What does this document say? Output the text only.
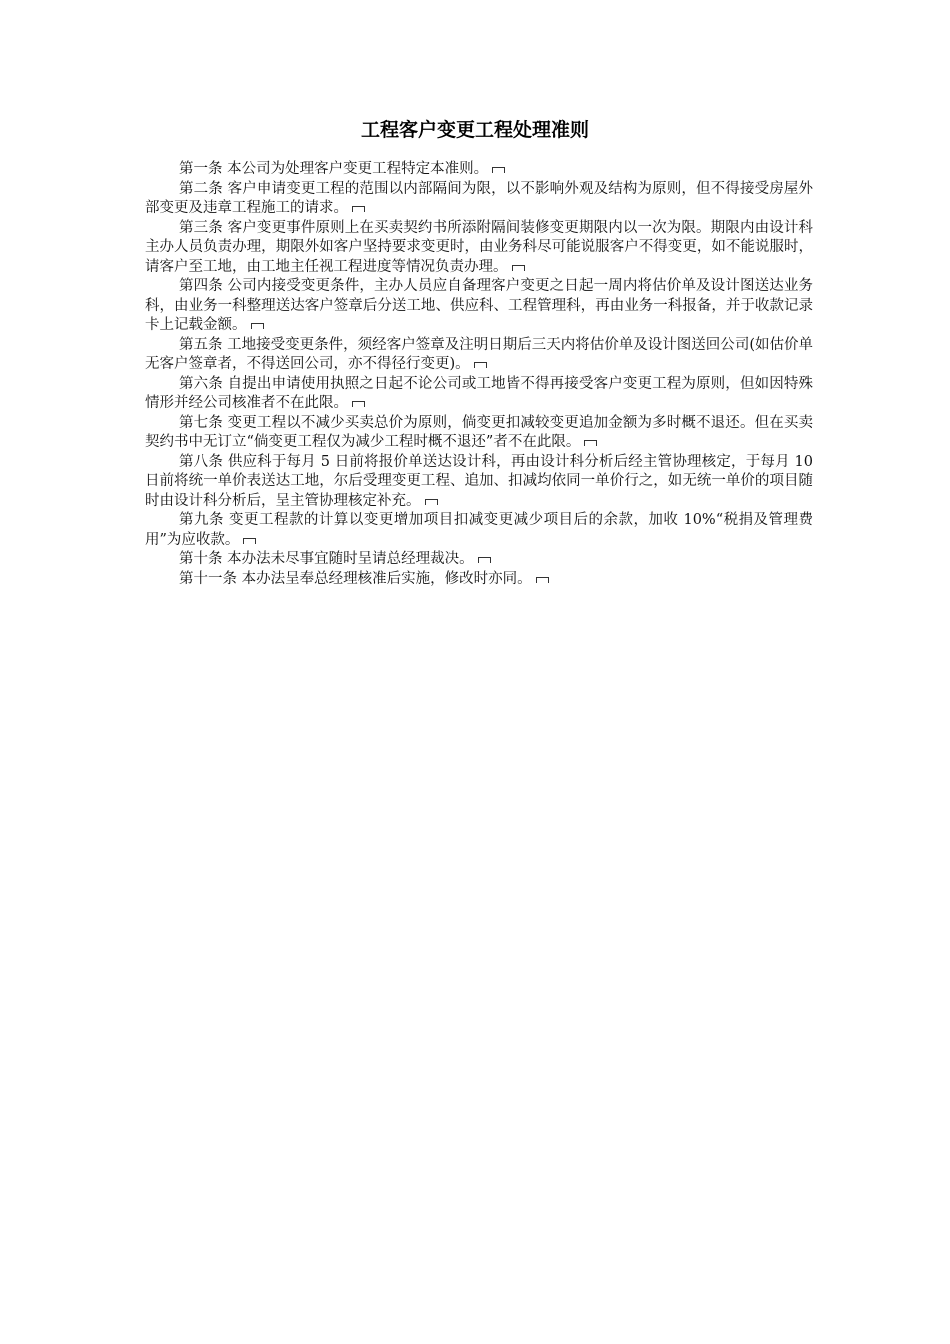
工程客户变更工程处理准则

第一条 本公司为处理客户变更工程特定本准则。

第二条 客户申请变更工程的范围以内部隔间为限，以不影响外观及结构为原则，但不得接受房屋外部变更及违章工程施工的请求。

第三条 客户变更事件原则上在买卖契约书所添附隔间装修变更期限内以一次为限。期限内由设计科主办人员负责办理，期限外如客户坚持要求变更时，由业务科尽可能说服客户不得变更，如不能说服时，请客户至工地，由工地主任视工程进度等情况负责办理。

第四条 公司内接受变更条件，主办人员应自备理客户变更之日起一周内将估价单及设计图送达业务科，由业务一科整理送达客户签章后分送工地、供应科、工程管理科，再由业务一科报备，并于收款记录卡上记载金额。

第五条 工地接受变更条件，须经客户签章及注明日期后三天内将估价单及设计图送回公司(如估价单无客户签章者，不得送回公司，亦不得径行变更)。

第六条 自提出申请使用执照之日起不论公司或工地皆不得再接受客户变更工程为原则，但如因特殊情形并经公司核准者不在此限。

第七条 变更工程以不减少买卖总价为原则，倘变更扣减较变更追加金额为多时概不退还。但在买卖契约书中无订立“倘变更工程仅为减少工程时概不退还”者不在此限。

第八条 供应科于每月 5 日前将报价单送达设计科，再由设计科分析后经主管协理核定，于每月 10 日前将统一单价表送达工地，尔后受理变更工程、追加、扣减均依同一单价行之，如无统一单价的项目随时由设计科分析后，呈主管协理核定补充。

第九条 变更工程款的计算以变更增加项目扣减变更减少项目后的余款，加收 10%“税捐及管理费用”为应收款。

第十条 本办法未尽事宜随时呈请总经理裁决。

第十一条 本办法呈奉总经理核准后实施，修改时亦同。
